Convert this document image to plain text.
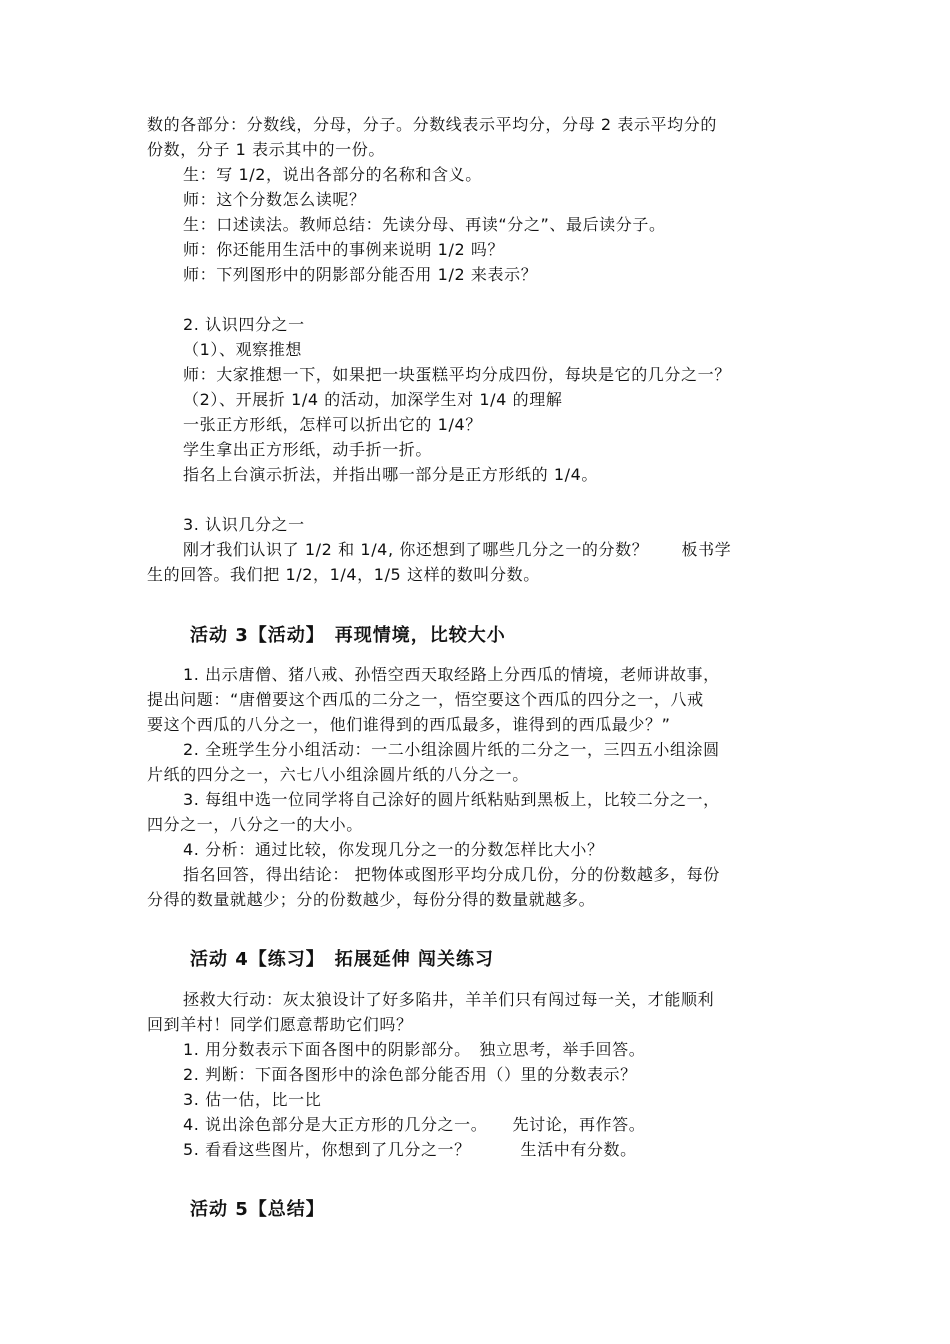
数的各部分：分数线，分母，分子。分数线表示平均分，分母 2 表示平均分的
份数，分子 1 表示其中的一份。
生：写 1/2，说出各部分的名称和含义。
师：这个分数怎么读呢？
生：口述读法。教师总结：先读分母、再读“分之”、最后读分子。
师：你还能用生活中的事例来说明 1/2 吗？
师：下列图形中的阴影部分能否用 1/2 来表示？
2. 认识四分之一
（1）、观察推想
师：大家推想一下，如果把一块蛋糕平均分成四份，每块是它的几分之一？
（2）、开展折 1/4 的活动，加深学生对 1/4 的理解
一张正方形纸，怎样可以折出它的 1/4？
学生拿出正方形纸，动手折一折。
指名上台演示折法，并指出哪一部分是正方形纸的 1/4。
3. 认识几分之一
刚才我们认识了 1/2 和 1/4, 你还想到了哪些几分之一的分数？　　板书学
生的回答。我们把 1/2，1/4，1/5 这样的数叫分数。
活动 3【活动】　再现情境，比较大小
1. 出示唐僧、猪八戒、孙悟空西天取经路上分西瓜的情境，老师讲故事，
提出问题：“唐僧要这个西瓜的二分之一，悟空要这个西瓜的四分之一，八戒
要这个西瓜的八分之一，他们谁得到的西瓜最多，谁得到的西瓜最少？”
2. 全班学生分小组活动：一二小组涂圆片纸的二分之一，三四五小组涂圆
片纸的四分之一，六七八小组涂圆片纸的八分之一。
3. 每组中选一位同学将自己涂好的圆片纸粘贴到黑板上，比较二分之一，
四分之一，八分之一的大小。
4. 分析：通过比较，你发现几分之一的分数怎样比大小？
指名回答，得出结论： 把物体或图形平均分成几份，分的份数越多，每份
分得的数量就越少；分的份数越少，每份分得的数量就越多。
活动 4【练习】　拓展延伸 闯关练习
拯救大行动：灰太狼设计了好多陷井，羊羊们只有闯过每一关，才能顺利
回到羊村！同学们愿意帮助它们吗？
1. 用分数表示下面各图中的阴影部分。　独立思考，举手回答。
2. 判断：下面各图形中的涂色部分能否用（）里的分数表示？
3. 估一估，比一比
4. 说出涂色部分是大正方形的几分之一。　　先讨论，再作答。
5. 看看这些图片，你想到了几分之一？　　　生活中有分数。
活动 5【总结】
